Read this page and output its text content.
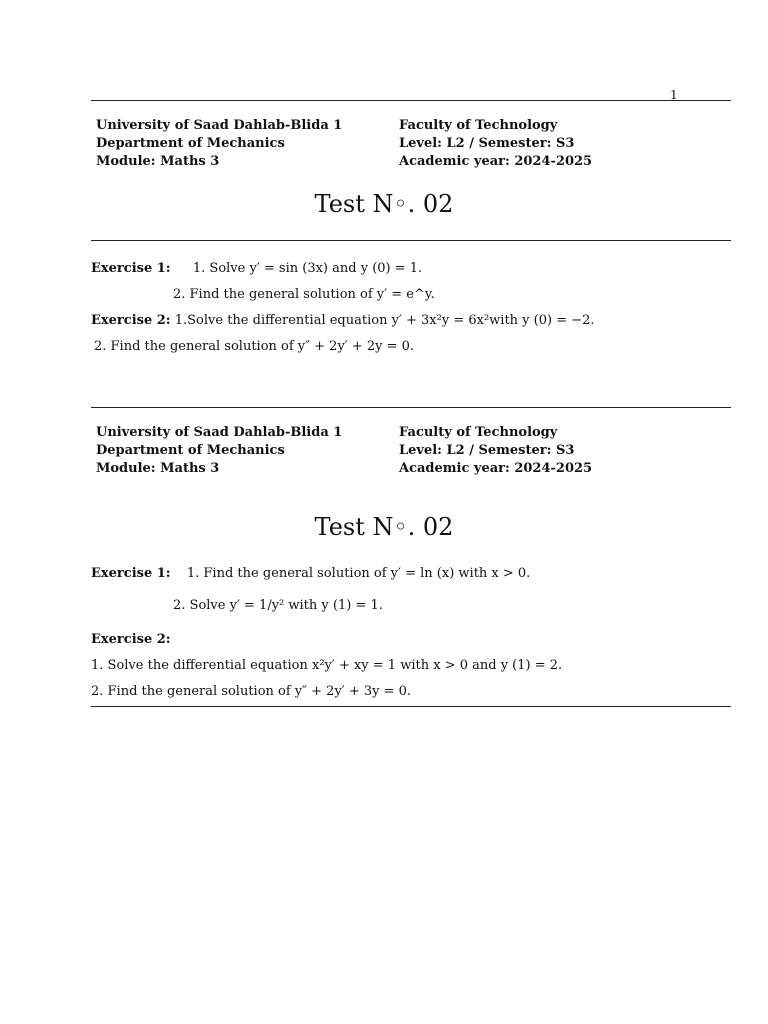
1
University of Saad Dahlab-Blida 1
Department of Mechanics
Module: Maths 3
Faculty of Technology
Level: L2 / Semester: S3
Academic year: 2024-2025
Test N◦. 02
Exercise 1: 1. Solve y′ = sin (3x) and y (0) = 1.
2. Find the general solution of y′ = e^y.
Exercise 2: 1.Solve the differential equation y′ + 3x²y = 6x²with y (0) = −2.
2. Find the general solution of y″ + 2y′ + 2y = 0.
University of Saad Dahlab-Blida 1
Department of Mechanics
Module: Maths 3
Faculty of Technology
Level: L2 / Semester: S3
Academic year: 2024-2025
Test N◦. 02
Exercise 1: 1. Find the general solution of y′ = ln (x) with x > 0.
2. Solve y′ = 1/y² with y (1) = 1.
Exercise 2:
1. Solve the differential equation x²y′ + xy = 1 with x > 0 and y (1) = 2.
2. Find the general solution of y″ + 2y′ + 3y = 0.
